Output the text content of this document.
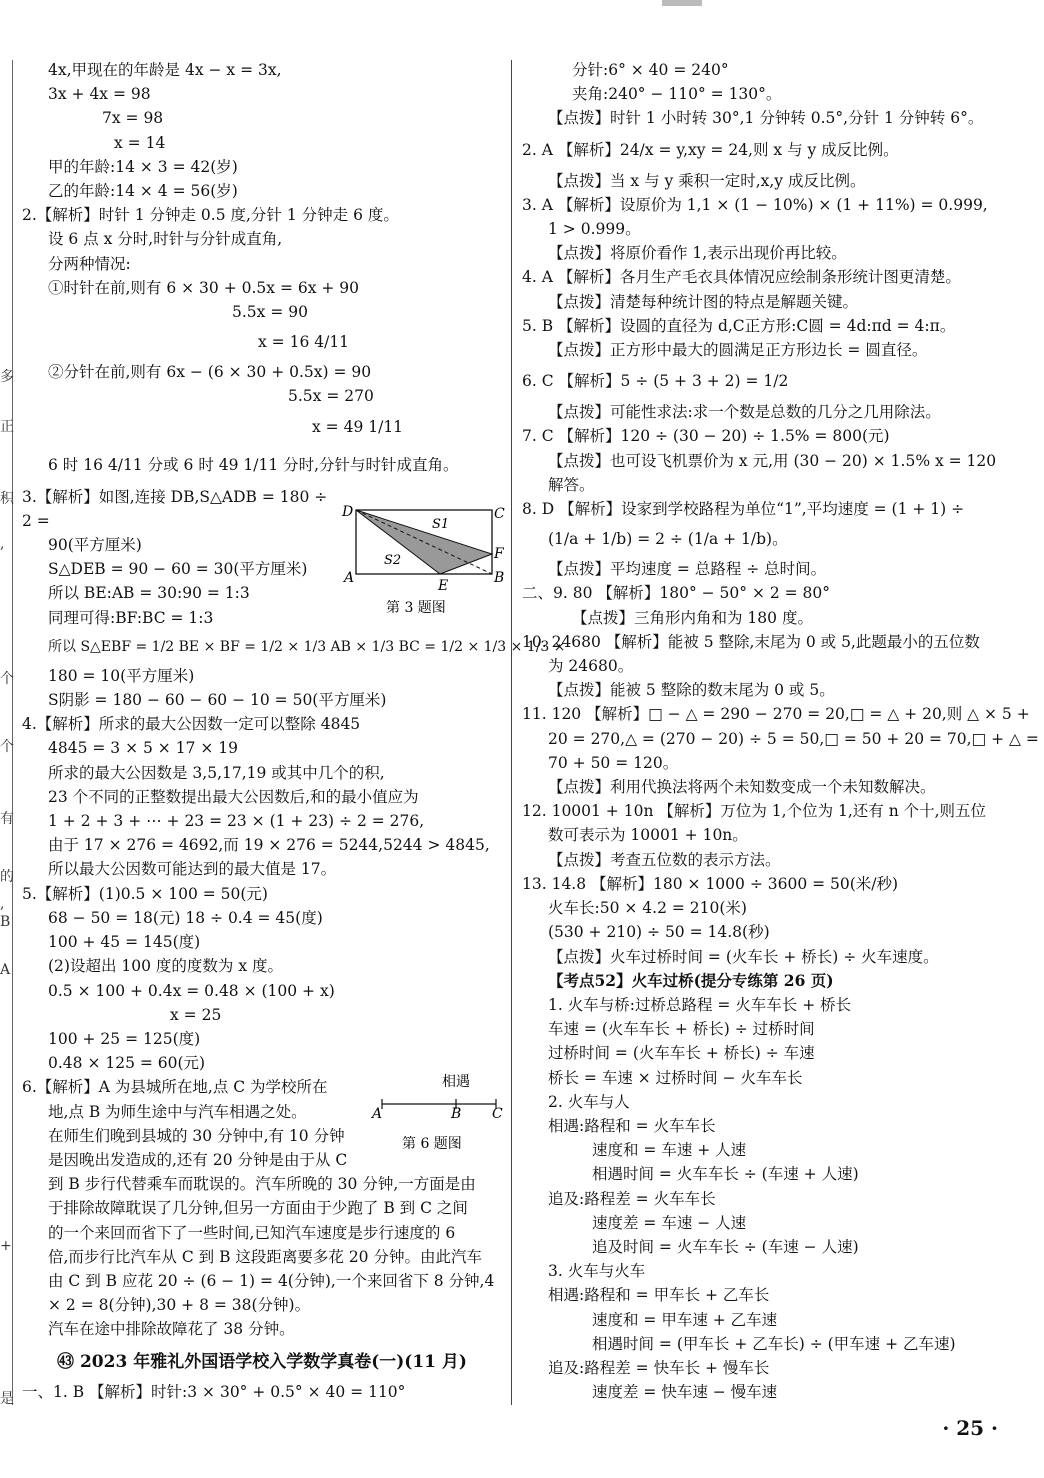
多
正
积
,
个
个
有
的
,
B
A
+
是
4x,甲现在的年龄是 4x − x = 3x,
3x + 4x = 98
7x = 98
x = 14
甲的年龄:14 × 3 = 42(岁)
乙的年龄:14 × 4 = 56(岁)
2.【解析】时针 1 分钟走 0.5 度,分针 1 分钟走 6 度。
设 6 点 x 分时,时针与分针成直角,
分两种情况:
①时针在前,则有 6 × 30 + 0.5x = 6x + 90
5.5x = 90
x = 16 4/11
②分针在前,则有 6x − (6 × 30 + 0.5x) = 90
5.5x = 270
x = 49 1/11
6 时 16 4/11 分或 6 时 49 1/11 分时,分针与时针成直角。
3.【解析】如图,连接 DB,S△ADB = 180 ÷ 2 =
90(平方厘米)
S△DEB = 90 − 60 = 30(平方厘米)
所以 BE:AB = 30:90 = 1:3
同理可得:BF:BC = 1:3
所以 S△EBF = 1/2 BE × BF = 1/2 × 1/3 AB × 1/3 BC = 1/2 × 1/3 × 1/3 ×
180 = 10(平方厘米)
S阴影 = 180 − 60 − 60 − 10 = 50(平方厘米)
4.【解析】所求的最大公因数一定可以整除 4845
4845 = 3 × 5 × 17 × 19
所求的最大公因数是 3,5,17,19 或其中几个的积,
23 个不同的正整数提出最大公因数后,和的最小值应为
1 + 2 + 3 + ⋯ + 23 = 23 × (1 + 23) ÷ 2 = 276,
由于 17 × 276 = 4692,而 19 × 276 = 5244,5244 > 4845,
所以最大公因数可能达到的最大值是 17。
5.【解析】(1)0.5 × 100 = 50(元)
68 − 50 = 18(元) 18 ÷ 0.4 = 45(度)
100 + 45 = 145(度)
(2)设超出 100 度的度数为 x 度。
0.5 × 100 + 0.4x = 0.48 × (100 + x)
x = 25
100 + 25 = 125(度)
0.48 × 125 = 60(元)
6.【解析】A 为县城所在地,点 C 为学校所在
地,点 B 为师生途中与汽车相遇之处。
在师生们晚到县城的 30 分钟中,有 10 分钟
是因晚出发造成的,还有 20 分钟是由于从 C
到 B 步行代替乘车而耽误的。汽车所晚的 30 分钟,一方面是由
于排除故障耽误了几分钟,但另一方面由于少跑了 B 到 C 之间
的一个来回而省下了一些时间,已知汽车速度是步行速度的 6
倍,而步行比汽车从 C 到 B 这段距离要多花 20 分钟。由此汽车
由 C 到 B 应花 20 ÷ (6 − 1) = 4(分钟),一个来回省下 8 分钟,4
× 2 = 8(分钟),30 + 8 = 38(分钟)。
汽车在途中排除故障花了 38 分钟。
㊸ 2023 年雅礼外国语学校入学数学真卷(一)(11 月)
一、1. B 【解析】时针:3 × 30° + 0.5° × 40 = 110°
D	C
A	B
E
F
S1
S2
第 3 题图
相遇
A	B C
第 6 题图
分针:6° × 40 = 240°
夹角:240° − 110° = 130°。
【点拨】时针 1 小时转 30°,1 分钟转 0.5°,分针 1 分钟转 6°。
2. A 【解析】24/x = y,xy = 24,则 x 与 y 成反比例。
【点拨】当 x 与 y 乘积一定时,x,y 成反比例。
3. A 【解析】设原价为 1,1 × (1 − 10%) × (1 + 11%) = 0.999,
1 > 0.999。
【点拨】将原价看作 1,表示出现价再比较。
4. A 【解析】各月生产毛衣具体情况应绘制条形统计图更清楚。
【点拨】清楚每种统计图的特点是解题关键。
5. B 【解析】设圆的直径为 d,C正方形:C圆 = 4d:πd = 4:π。
【点拨】正方形中最大的圆满足正方形边长 = 圆直径。
6. C 【解析】5 ÷ (5 + 3 + 2) = 1/2
【点拨】可能性求法:求一个数是总数的几分之几用除法。
7. C 【解析】120 ÷ (30 − 20) ÷ 1.5% = 800(元)
【点拨】也可设飞机票价为 x 元,用 (30 − 20) × 1.5% x = 120
解答。
8. D 【解析】设家到学校路程为单位“1”,平均速度 = (1 + 1) ÷
(1/a + 1/b) = 2 ÷ (1/a + 1/b)。
【点拨】平均速度 = 总路程 ÷ 总时间。
二、9. 80 【解析】180° − 50° × 2 = 80°
【点拨】三角形内角和为 180 度。
10. 24680 【解析】能被 5 整除,末尾为 0 或 5,此题最小的五位数
为 24680。
【点拨】能被 5 整除的数末尾为 0 或 5。
11. 120 【解析】□ − △ = 290 − 270 = 20,□ = △ + 20,则 △ × 5 +
20 = 270,△ = (270 − 20) ÷ 5 = 50,□ = 50 + 20 = 70,□ + △ =
70 + 50 = 120。
【点拨】利用代换法将两个未知数变成一个未知数解决。
12. 10001 + 10n 【解析】万位为 1,个位为 1,还有 n 个十,则五位
数可表示为 10001 + 10n。
【点拨】考查五位数的表示方法。
13. 14.8 【解析】180 × 1000 ÷ 3600 = 50(米/秒)
火车长:50 × 4.2 = 210(米)
(530 + 210) ÷ 50 = 14.8(秒)
【点拨】火车过桥时间 = (火车长 + 桥长) ÷ 火车速度。
【考点52】火车过桥(提分专练第 26 页)
1. 火车与桥:过桥总路程 = 火车车长 + 桥长
车速 = (火车车长 + 桥长) ÷ 过桥时间
过桥时间 = (火车车长 + 桥长) ÷ 车速
桥长 = 车速 × 过桥时间 − 火车车长
2. 火车与人
相遇:路程和 = 火车车长
速度和 = 车速 + 人速
相遇时间 = 火车车长 ÷ (车速 + 人速)
追及:路程差 = 火车车长
速度差 = 车速 − 人速
追及时间 = 火车车长 ÷ (车速 − 人速)
3. 火车与火车
相遇:路程和 = 甲车长 + 乙车长
速度和 = 甲车速 + 乙车速
相遇时间 = (甲车长 + 乙车长) ÷ (甲车速 + 乙车速)
追及:路程差 = 快车长 + 慢车长
速度差 = 快车速 − 慢车速
· 25 ·
